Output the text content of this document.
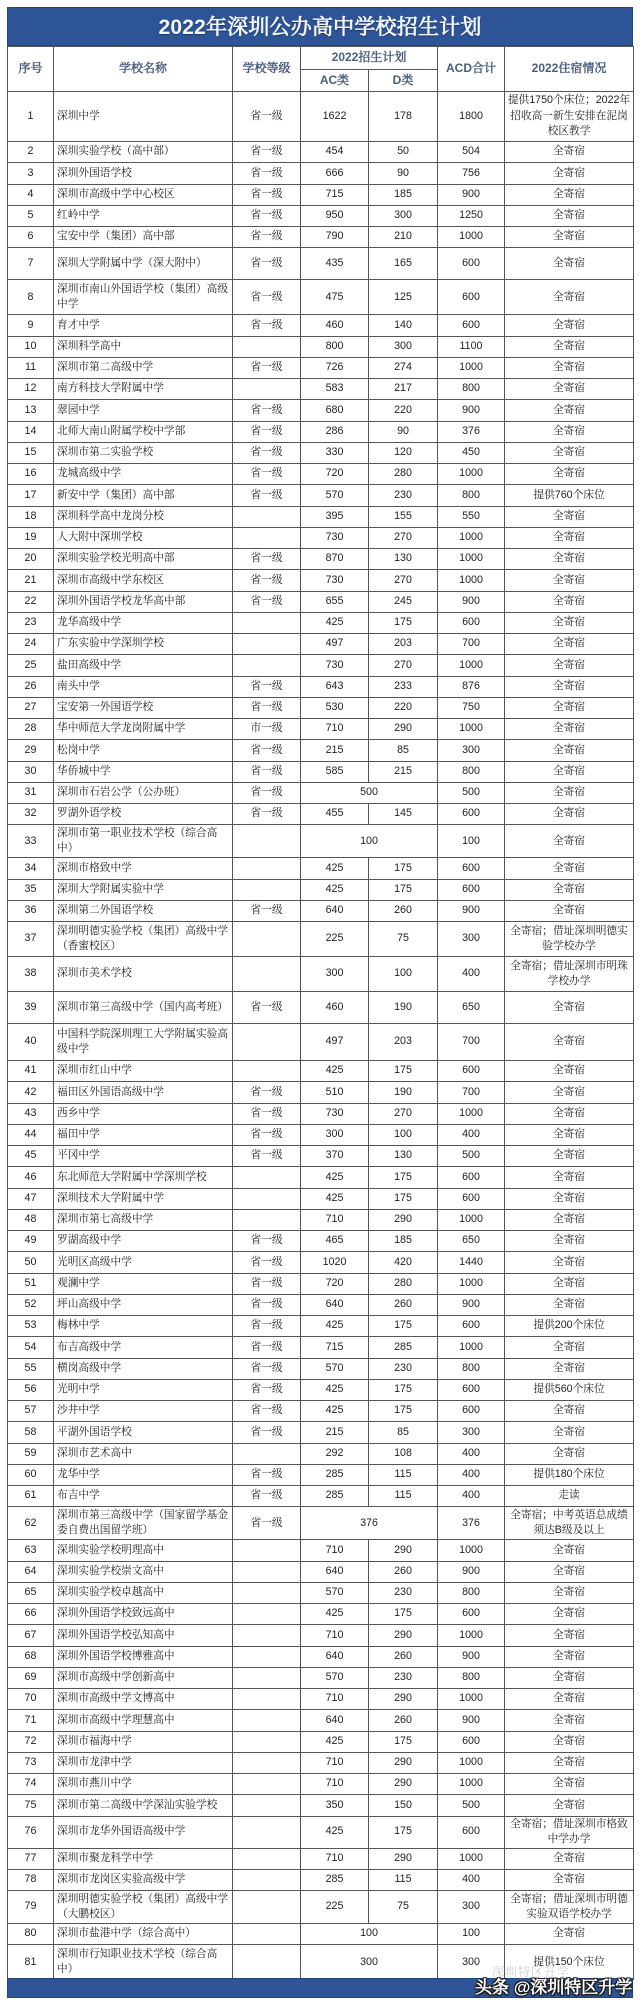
2022年深圳公办高中学校招生计划
序号	学校名称	学校等级	2022招生计划		ACD合计	2022住宿情况
			AC类	D类		
1	深圳中学	省一级	1622	178	1800	提供1750个床位；2022年招收高一新生安排在泥岗校区教学
2	深圳实验学校（高中部）	省一级	454	50	504	全寄宿
3	深圳外国语学校	省一级	666	90	756	全寄宿
4	深圳市高级中学中心校区	省一级	715	185	900	全寄宿
5	红岭中学	省一级	950	300	1250	全寄宿
6	宝安中学（集团）高中部	省一级	790	210	1000	全寄宿
7	深圳大学附属中学（深大附中）	省一级	435	165	600	全寄宿
8	深圳市南山外国语学校（集团）高级中学	省一级	475	125	600	全寄宿
9	育才中学	省一级	460	140	600	全寄宿
10	深圳科学高中		800	300	1100	全寄宿
11	深圳市第二高级中学	省一级	726	274	1000	全寄宿
12	南方科技大学附属中学		583	217	800	全寄宿
13	翠园中学	省一级	680	220	900	全寄宿
14	北师大南山附属学校中学部	省一级	286	90	376	全寄宿
15	深圳市第二实验学校	省一级	330	120	450	全寄宿
16	龙城高级中学	省一级	720	280	1000	全寄宿
17	新安中学（集团）高中部	省一级	570	230	800	提供760个床位
18	深圳科学高中龙岗分校		395	155	550	全寄宿
19	人大附中深圳学校		730	270	1000	全寄宿
20	深圳实验学校光明高中部	省一级	870	130	1000	全寄宿
21	深圳市高级中学东校区	省一级	730	270	1000	全寄宿
22	深圳外国语学校龙华高中部	省一级	655	245	900	全寄宿
23	龙华高级中学		425	175	600	全寄宿
24	广东实验中学深圳学校		497	203	700	全寄宿
25	盐田高级中学		730	270	1000	全寄宿
26	南头中学	省一级	643	233	876	全寄宿
27	宝安第一外国语学校	省一级	530	220	750	全寄宿
28	华中师范大学龙岗附属中学	市一级	710	290	1000	全寄宿
29	松岗中学	省一级	215	85	300	全寄宿
30	华侨城中学	省一级	585	215	800	全寄宿
31	深圳市石岩公学（公办班）	省一级	500		500	全寄宿
32	罗湖外语学校	省一级	455	145	600	全寄宿
33	深圳市第一职业技术学校（综合高中）		100		100	全寄宿
34	深圳市格致中学		425	175	600	全寄宿
35	深圳大学附属实验中学		425	175	600	全寄宿
36	深圳第二外国语学校	省一级	640	260	900	全寄宿
37	深圳明德实验学校（集团）高级中学（香蜜校区）		225	75	300	全寄宿；借址深圳明德实验学校办学
38	深圳市美术学校		300	100	400	全寄宿；借址深圳市明珠学校办学
39	深圳市第三高级中学（国内高考班）	省一级	460	190	650	全寄宿
40	中国科学院深圳理工大学附属实验高级中学		497	203	700	全寄宿
41	深圳市红山中学		425	175	600	全寄宿
42	福田区外国语高级中学	省一级	510	190	700	全寄宿
43	西乡中学	省一级	730	270	1000	全寄宿
44	福田中学	省一级	300	100	400	全寄宿
45	平冈中学	省一级	370	130	500	全寄宿
46	东北师范大学附属中学深圳学校		425	175	600	全寄宿
47	深圳技术大学附属中学		425	175	600	全寄宿
48	深圳市第七高级中学		710	290	1000	全寄宿
49	罗湖高级中学	省一级	465	185	650	全寄宿
50	光明区高级中学	省一级	1020	420	1440	全寄宿
51	观澜中学	省一级	720	280	1000	全寄宿
52	坪山高级中学	省一级	640	260	900	全寄宿
53	梅林中学	省一级	425	175	600	提供200个床位
54	布吉高级中学	省一级	715	285	1000	全寄宿
55	横岗高级中学	省一级	570	230	800	全寄宿
56	光明中学	省一级	425	175	600	提供560个床位
57	沙井中学	省一级	425	175	600	全寄宿
58	平湖外国语学校	省一级	215	85	300	全寄宿
59	深圳市艺术高中		292	108	400	全寄宿
60	龙华中学	省一级	285	115	400	提供180个床位
61	布吉中学	省一级	285	115	400	走读
62	深圳市第三高级中学（国家留学基金委自费出国留学班）	省一级	376		376	全寄宿；中考英语总成绩须达B级及以上
63	深圳实验学校明理高中		710	290	1000	全寄宿
64	深圳实验学校崇文高中		640	260	900	全寄宿
65	深圳实验学校卓越高中		570	230	800	全寄宿
66	深圳外国语学校致远高中		425	175	600	全寄宿
67	深圳外国语学校弘知高中		710	290	1000	全寄宿
68	深圳外国语学校博雅高中		640	260	900	全寄宿
69	深圳市高级中学创新高中		570	230	800	全寄宿
70	深圳市高级中学文博高中		710	290	1000	全寄宿
71	深圳市高级中学理慧高中		640	260	900	全寄宿
72	深圳市福海中学		425	175	600	全寄宿
73	深圳市龙津中学		710	290	1000	全寄宿
74	深圳市燕川中学		710	290	1000	全寄宿
75	深圳市第二高级中学深汕实验学校		350	150	500	全寄宿
76	深圳市龙华外国语高级中学		425	175	600	全寄宿；借址深圳市格致中学办学
77	深圳市聚龙科学中学		710	290	1000	全寄宿
78	深圳市龙岗区实验高级中学		285	115	400	全寄宿
79	深圳明德实验学校（集团）高级中学（大鹏校区）		225	75	300	全寄宿；借址深圳市明德实验双语学校办学
80	深圳市盐港中学（综合高中）		100		100	全寄宿
81	深圳市行知职业技术学校（综合高中）		300		300	提供150个床位
深圳特区升学
头条 @深圳特区升学
